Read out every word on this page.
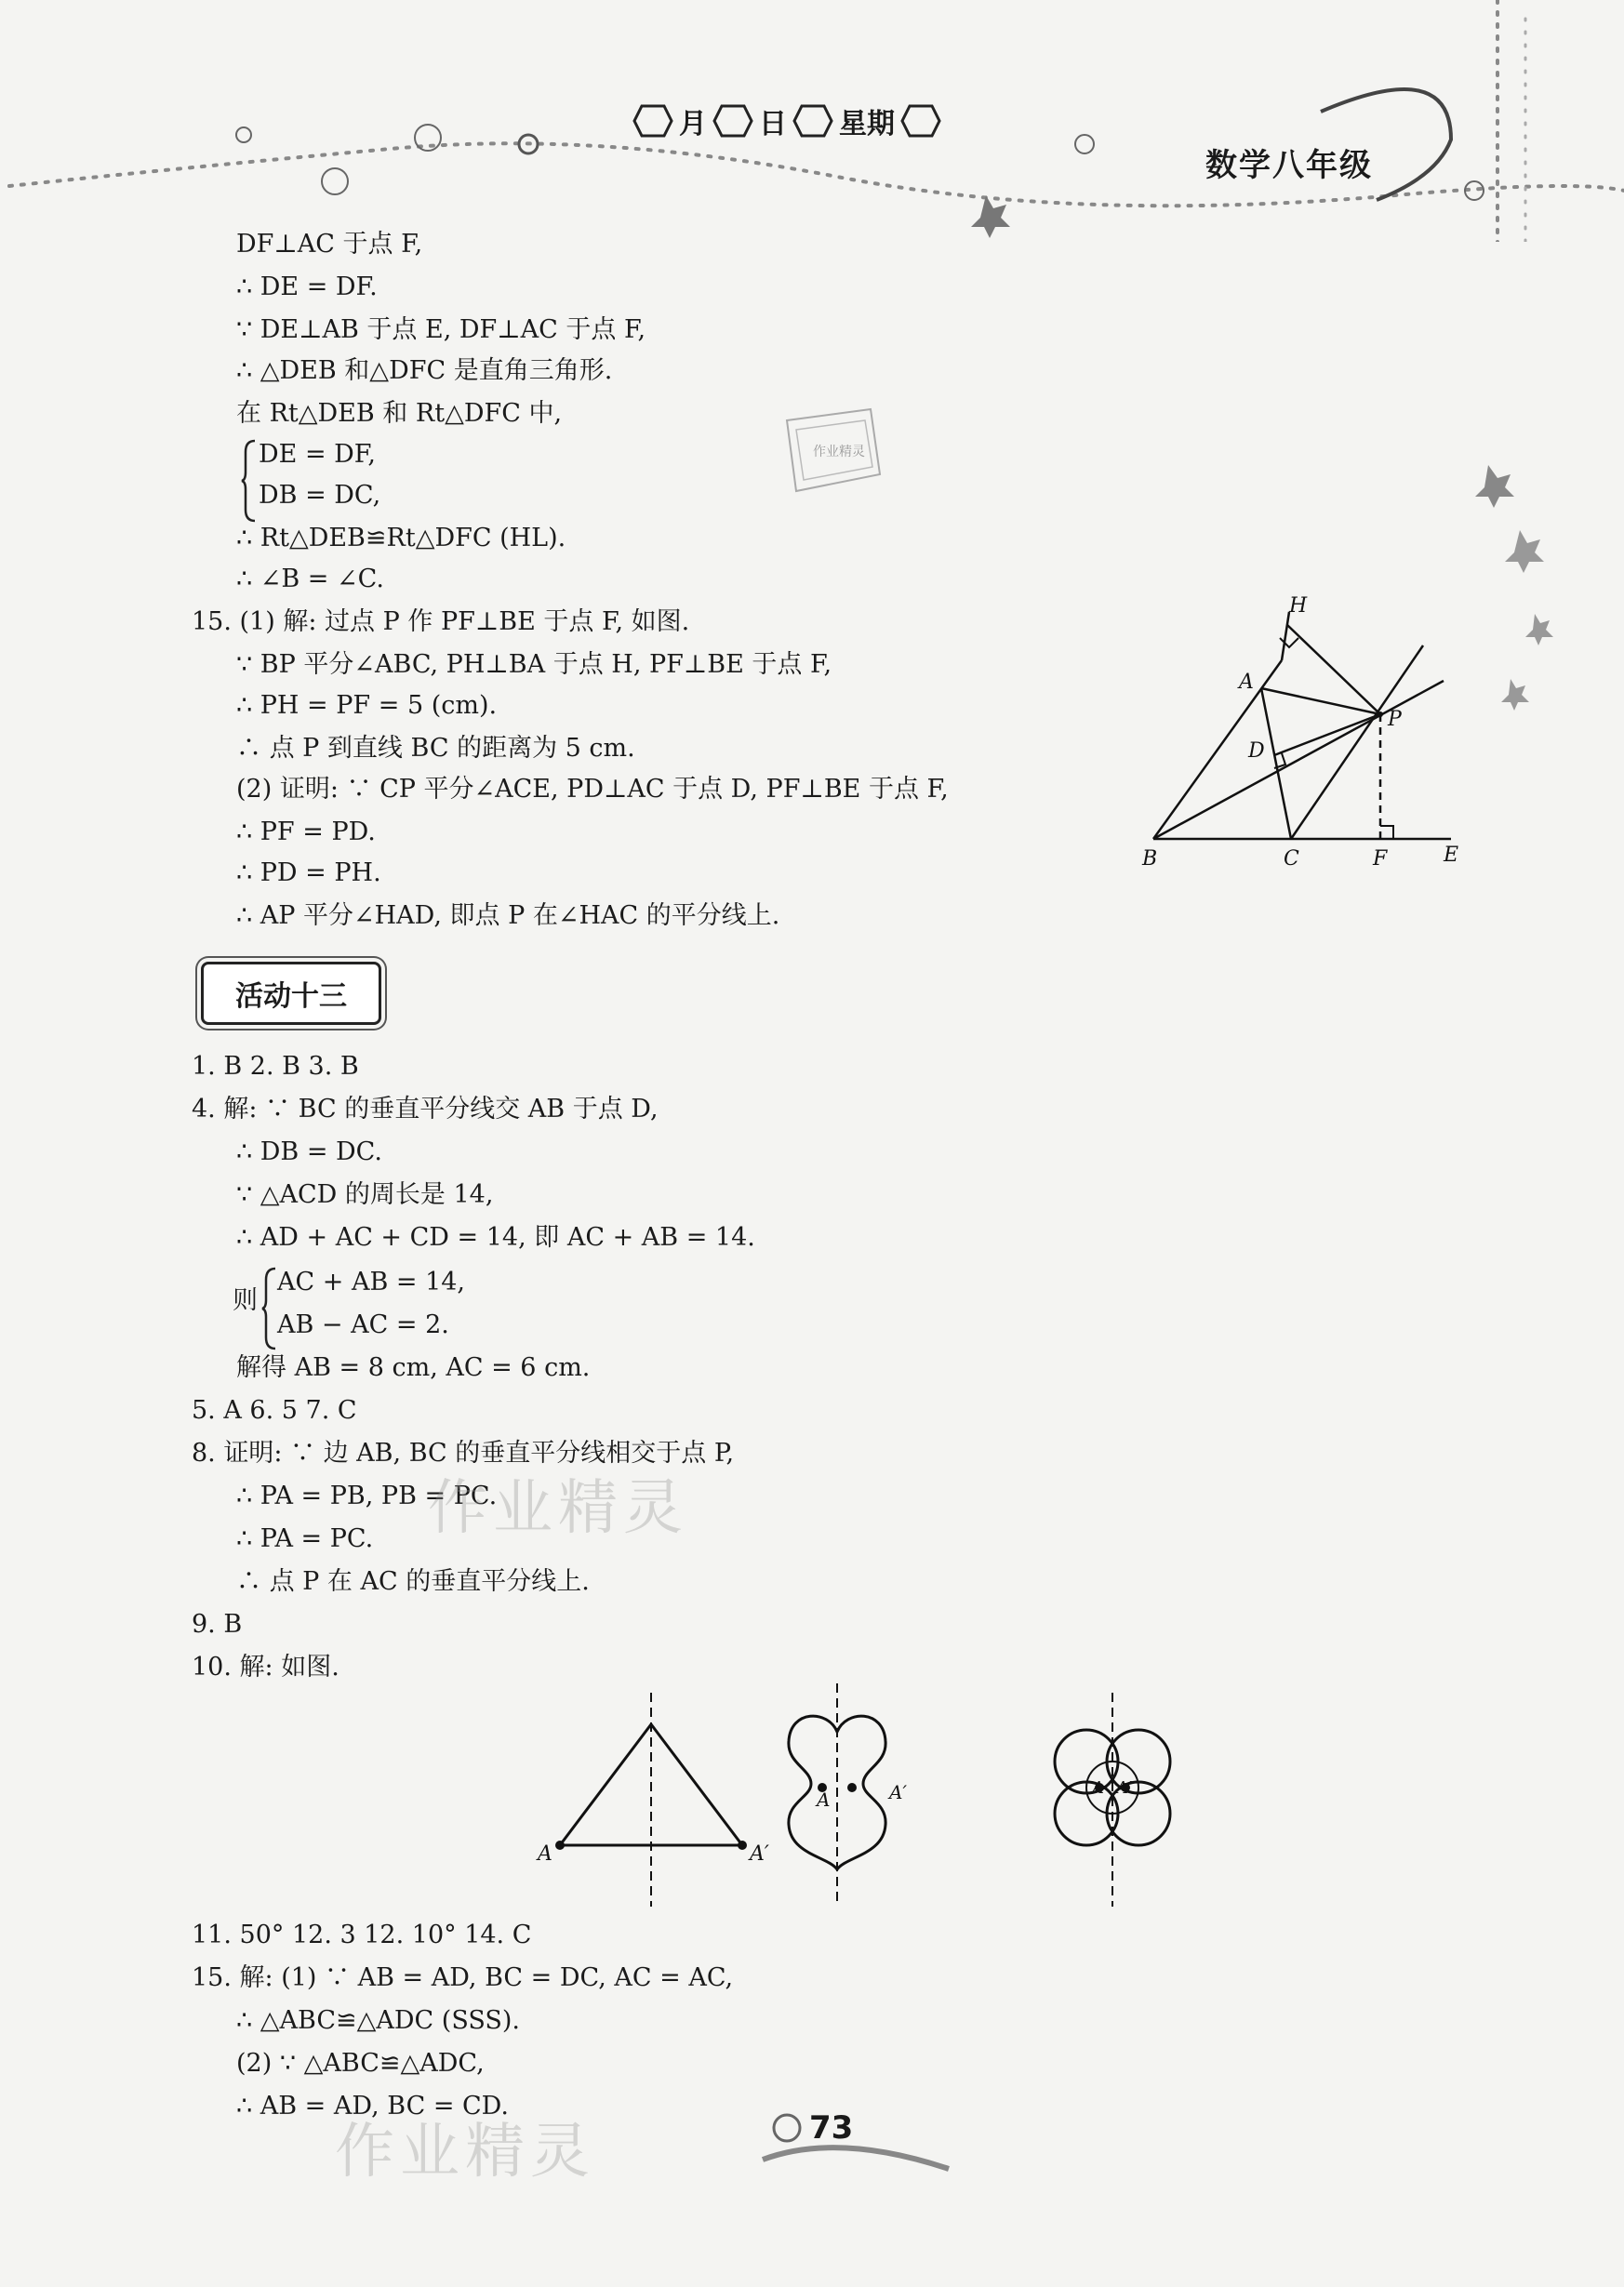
月 日 星期
数学八年级
DF⊥AC 于点 F,
∴ DE = DF.
∵ DE⊥AB 于点 E, DF⊥AC 于点 F,
∴ △DEB 和△DFC 是直角三角形.
在 Rt△DEB 和 Rt△DFC 中,
DE = DF,
DB = DC,
∴ Rt△DEB≌Rt△DFC (HL).
∴ ∠B = ∠C.
作业精灵
15. (1) 解: 过点 P 作 PF⊥BE 于点 F, 如图.
∵ BP 平分∠ABC, PH⊥BA 于点 H, PF⊥BE 于点 F,
∴ PH = PF = 5 (cm).
∴ 点 P 到直线 BC 的距离为 5 cm.
(2) 证明: ∵ CP 平分∠ACE, PD⊥AC 于点 D, PF⊥BE 于点 F,
∴ PF = PD.
∴ PD = PH.
∴ AP 平分∠HAD, 即点 P 在∠HAC 的平分线上.
H
A
P
D
B	C	F	E
活动十三
1. B 2. B 3. B
4. 解: ∵ BC 的垂直平分线交 AB 于点 D,
∴ DB = DC.
∵ △ACD 的周长是 14,
∴ AD + AC + CD = 14, 即 AC + AB = 14.
则
AC + AB = 14,
AB − AC = 2.
解得 AB = 8 cm, AC = 6 cm.
5. A 6. 5 7. C
8. 证明: ∵ 边 AB, BC 的垂直平分线相交于点 P,
∴ PA = PB, PB = PC.
∴ PA = PC.
∴ 点 P 在 AC 的垂直平分线上.
9. B
10. 解: 如图.
作业精灵
A	A′
A	A′	A A′
11. 50° 12. 3 12. 10° 14. C
15. 解: (1) ∵ AB = AD, BC = DC, AC = AC,
∴ △ABC≌△ADC (SSS).
(2) ∵ △ABC≌△ADC,
∴ AB = AD, BC = CD.
作业精灵	73
